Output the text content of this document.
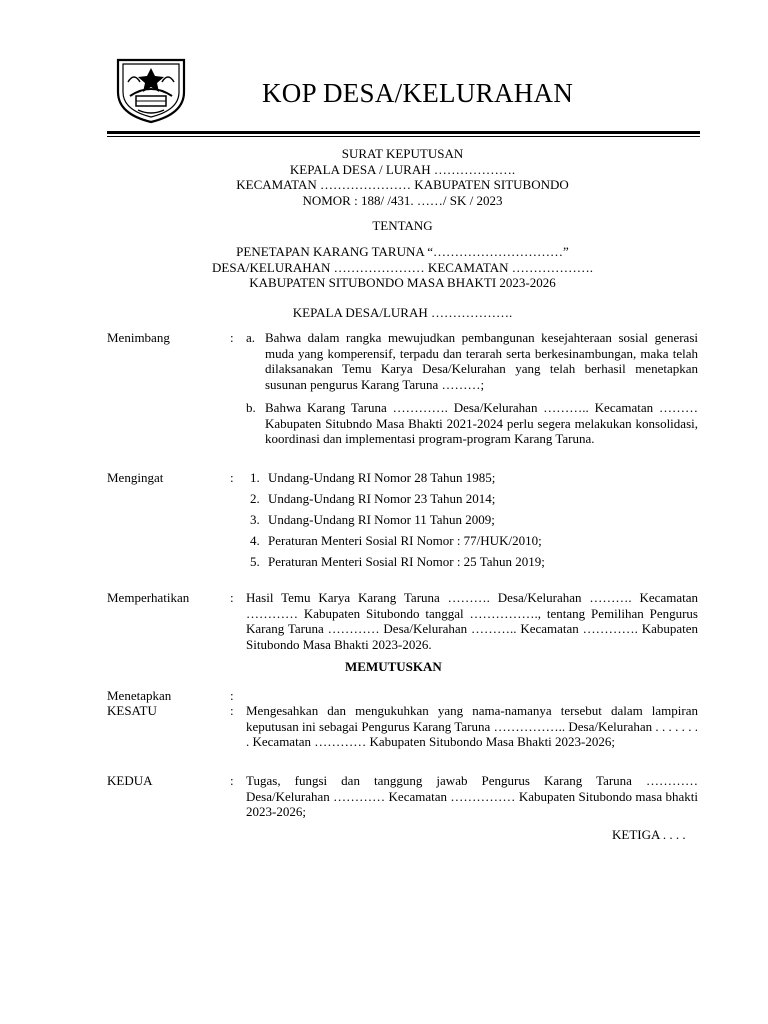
KOP DESA/KELURAHAN
SURAT KEPUTUSAN
KEPALA DESA / LURAH ……………….
KECAMATAN ………………… KABUPATEN SITUBONDO
NOMOR : 188/ /431. ……/ SK / 2023
TENTANG
PENETAPAN KARANG TARUNA “…………………………”
DESA/KELURAHAN ………………… KECAMATAN ……………….
KABUPATEN SITUBONDO MASA BHAKTI 2023-2026
KEPALA DESA/LURAH ……………….
Menimbang	: a. Bahwa dalam rangka mewujudkan pembangunan kesejahteraan sosial generasi muda yang komperensif, terpadu dan terarah serta berkesinambungan, maka telah dilaksanakan Temu Karya Desa/Kelurahan yang telah berhasil menetapkan susunan pengurus Karang Taruna ………;
b. Bahwa Karang Taruna …………. Desa/Kelurahan ……….. Kecamatan ……… Kabupaten Situbndo Masa Bhakti 2021-2024 perlu segera melakukan konsolidasi, koordinasi dan implementasi program-program Karang Taruna.
Mengingat	: 1. Undang-Undang RI Nomor 28 Tahun 1985;
2. Undang-Undang RI Nomor 23 Tahun 2014;
3. Undang-Undang RI Nomor 11 Tahun 2009;
4. Peraturan Menteri Sosial RI Nomor : 77/HUK/2010;
5. Peraturan Menteri Sosial RI Nomor : 25 Tahun 2019;
Memperhatikan	: Hasil Temu Karya Karang Taruna ………. Desa/Kelurahan ………. Kecamatan ………… Kabupaten Situbondo tanggal ……………., tentang Pemilihan Pengurus Karang Taruna ………… Desa/Kelurahan ……….. Kecamatan …………. Kabupaten Situbondo Masa Bhakti 2023-2026.
MEMUTUSKAN
Menetapkan	:
KESATU	: Mengesahkan dan mengukuhkan yang nama-namanya tersebut dalam lampiran keputusan ini sebagai Pengurus Karang Taruna …………….. Desa/Kelurahan . . . . . . . . Kecamatan ………… Kabupaten Situbondo Masa Bhakti 2023-2026;
KEDUA	: Tugas, fungsi dan tanggung jawab Pengurus Karang Taruna ………… Desa/Kelurahan ………… Kecamatan …………… Kabupaten Situbondo masa bhakti 2023-2026;
KETIGA . . . .
